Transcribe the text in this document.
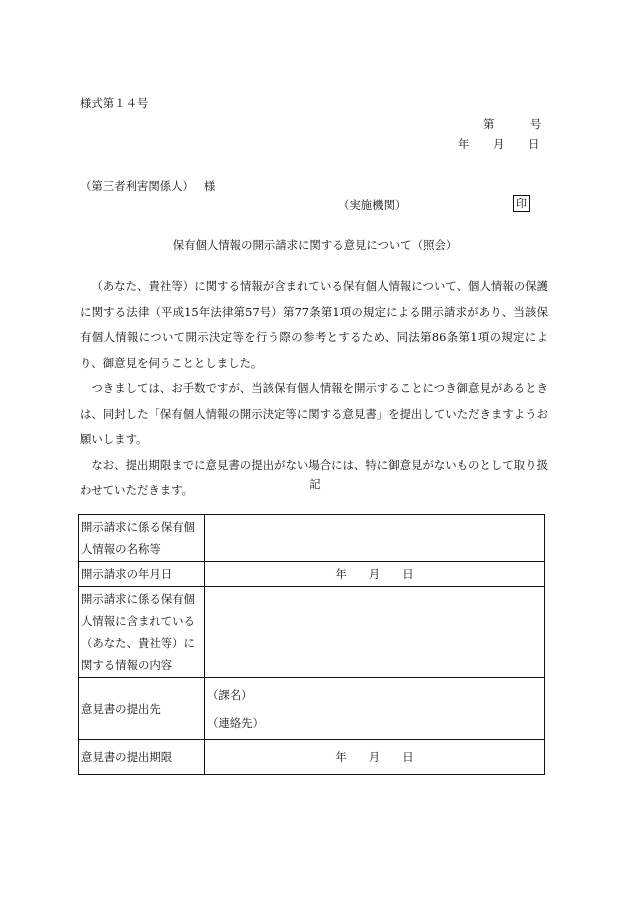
様式第１４号
第	号
年 月 日
（第三者利害関係人） 様
（実施機関）	印
保有個人情報の開示請求に関する意見について（照会）

（あなた、貴社等）に関する情報が含まれている保有個人情報について、個人情報の保護に関する法律（平成15年法律第57号）第77条第1項の規定による開示請求があり、当該保有個人情報について開示決定等を行う際の参考とするため、同法第86条第1項の規定により、御意見を伺うこととしました。

つきましては、お手数ですが、当該保有個人情報を開示することにつき御意見があるときは、同封した「保有個人情報の開示決定等に関する意見書」を提出していただきますようお願いします。

なお、提出期限までに意見書の提出がない場合には、特に御意見がないものとして取り扱わせていただきます。	記
開示請求に係る保有個人情報の名称等	
開示請求の年月日	年 月 日

開示請求に係る保有個人情報に含まれている（あなた、貴社等）に関する情報の内容	
意見書の提出先	（課名）
（連絡先）

意見書の提出期限	年 月 日
